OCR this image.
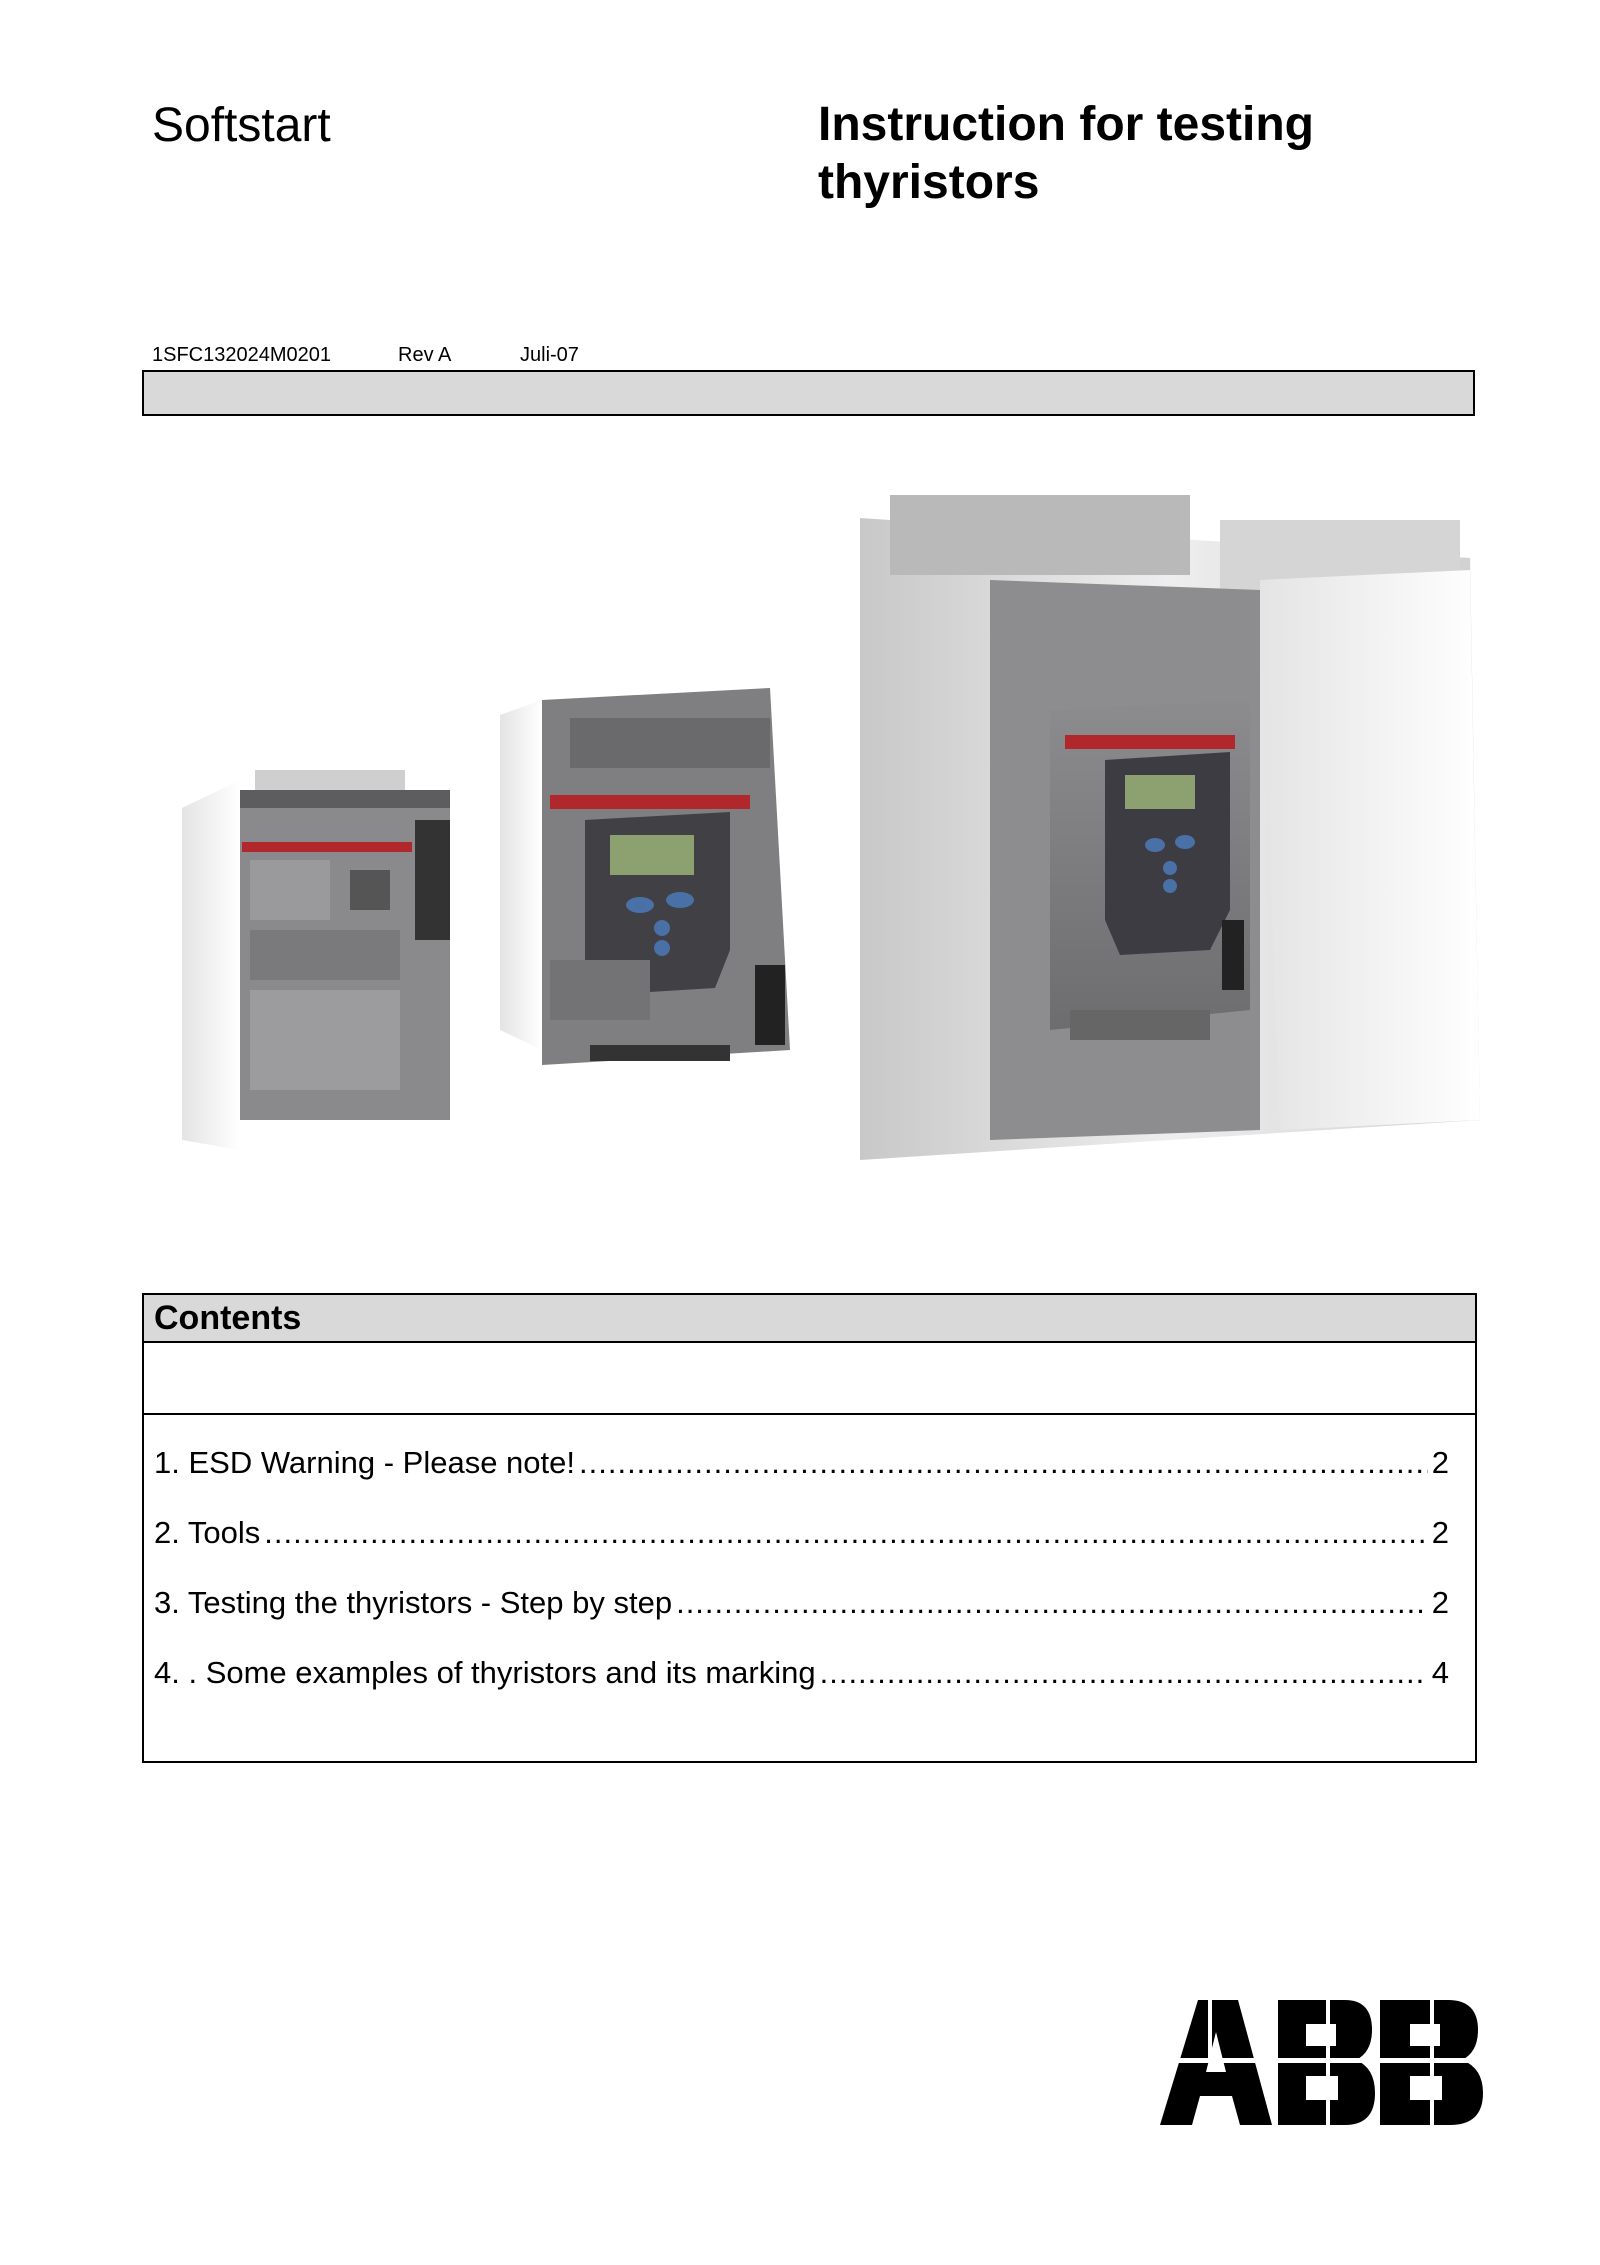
Softstart	Instruction for testing
thyristors
1SFC132024M0201	Rev A	Juli-07
Contents
1. ESD Warning - Please note! .....	2
2. Tools .....	2
3. Testing the thyristors - Step by step .....	2
4. . Some examples of thyristors and its marking .....	4
